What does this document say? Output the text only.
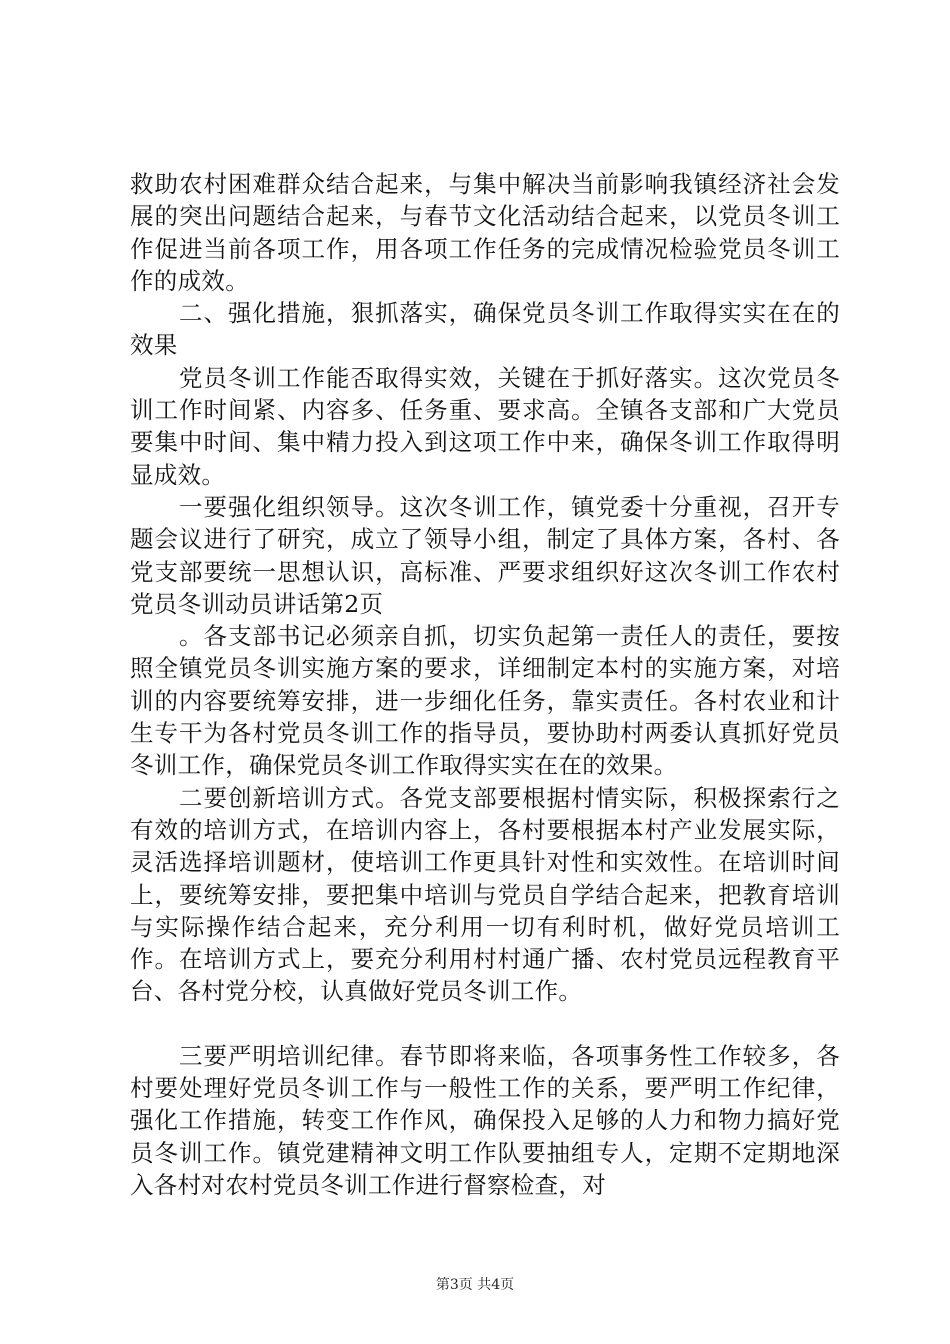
救助农村困难群众结合起来，与集中解决当前影响我镇经济社会发展的突出问题结合起来，与春节文化活动结合起来，以党员冬训工作促进当前各项工作，用各项工作任务的完成情况检验党员冬训工作的成效。

　　二、强化措施，狠抓落实，确保党员冬训工作取得实实在在的效果

　　党员冬训工作能否取得实效，关键在于抓好落实。这次党员冬训工作时间紧、内容多、任务重、要求高。全镇各支部和广大党员要集中时间、集中精力投入到这项工作中来，确保冬训工作取得明显成效。

　　一要强化组织领导。这次冬训工作，镇党委十分重视，召开专题会议进行了研究，成立了领导小组，制定了具体方案，各村、各党支部要统一思想认识，高标准、严要求组织好这次冬训工作农村党员冬训动员讲话第2页

　　。各支部书记必须亲自抓，切实负起第一责任人的责任，要按照全镇党员冬训实施方案的要求，详细制定本村的实施方案，对培训的内容要统筹安排，进一步细化任务，靠实责任。各村农业和计生专干为各村党员冬训工作的指导员，要协助村两委认真抓好党员冬训工作，确保党员冬训工作取得实实在在的效果。

　　二要创新培训方式。各党支部要根据村情实际，积极探索行之有效的培训方式，在培训内容上，各村要根据本村产业发展实际，灵活选择培训题材，使培训工作更具针对性和实效性。在培训时间上，要统筹安排，要把集中培训与党员自学结合起来，把教育培训与实际操作结合起来，充分利用一切有利时机，做好党员培训工作。在培训方式上，要充分利用村村通广播、农村党员远程教育平台、各村党分校，认真做好党员冬训工作。

　　三要严明培训纪律。春节即将来临，各项事务性工作较多，各村要处理好党员冬训工作与一般性工作的关系，要严明工作纪律，强化工作措施，转变工作作风，确保投入足够的人力和物力搞好党员冬训工作。镇党建精神文明工作队要抽组专人，定期不定期地深入各村对农村党员冬训工作进行督察检查，对

第3页 共4页
